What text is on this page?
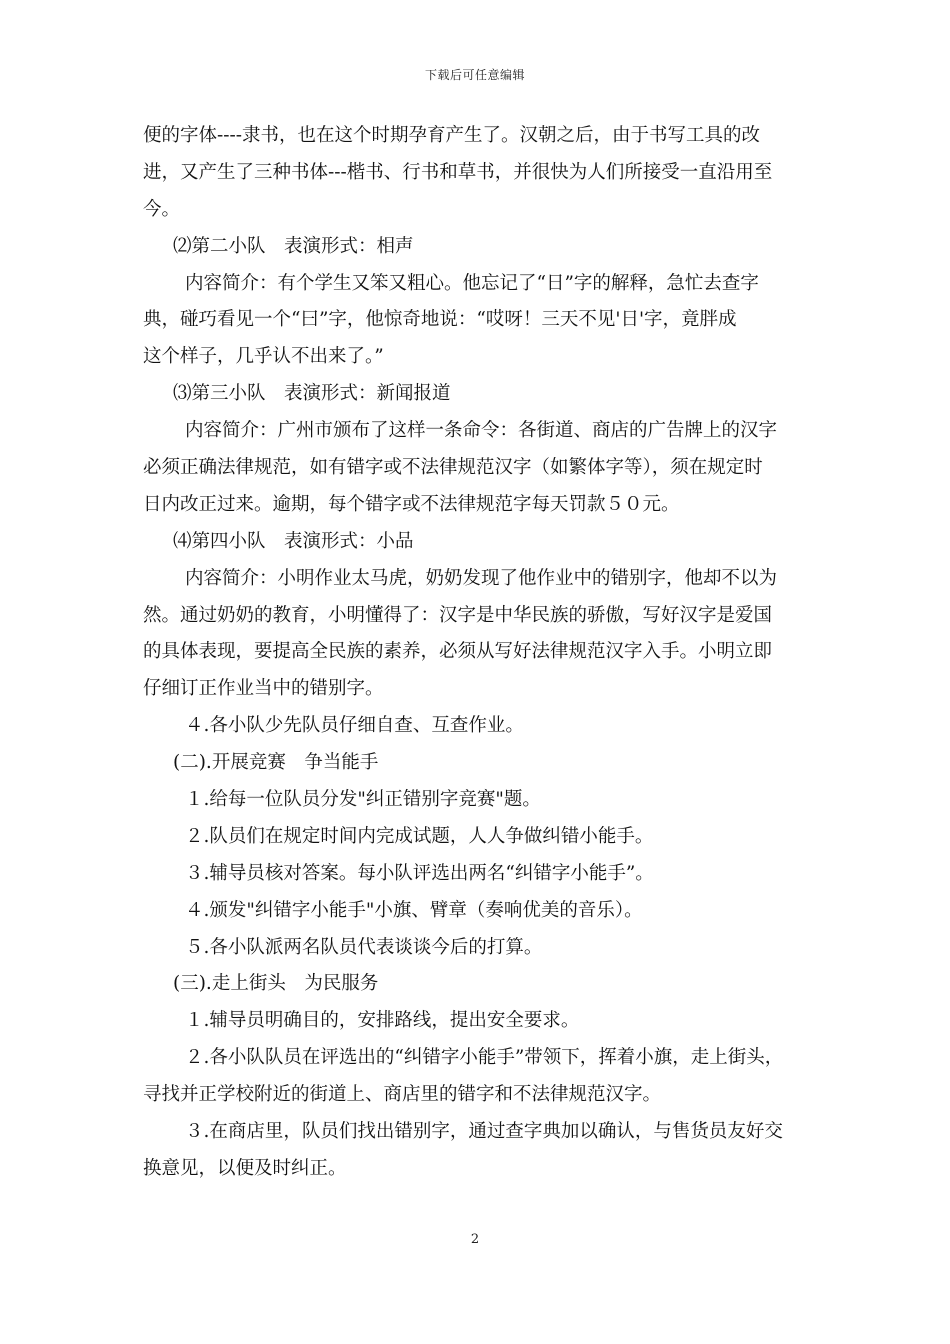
下载后可任意编辑
便的字体----隶书，也在这个时期孕育产生了。汉朝之后，由于书写工具的改
进，又产生了三种书体---楷书、行书和草书，并很快为人们所接受一直沿用至
今。
⑵第二小队　表演形式：相声
内容简介：有个学生又笨又粗心。他忘记了“日”字的解释，急忙去查字
典，碰巧看见一个“曰”字，他惊奇地说：“哎呀！三天不见'日'字，竟胖成
这个样子，几乎认不出来了。”
⑶第三小队　表演形式：新闻报道
内容简介：广州市颁布了这样一条命令：各街道、商店的广告牌上的汉字
必须正确法律规范，如有错字或不法律规范汉字（如繁体字等），须在规定时
日内改正过来。逾期，每个错字或不法律规范字每天罚款５０元。
⑷第四小队　表演形式：小品
内容简介：小明作业太马虎，奶奶发现了他作业中的错别字，他却不以为
然。通过奶奶的教育，小明懂得了：汉字是中华民族的骄傲，写好汉字是爱国
的具体表现，要提高全民族的素养，必须从写好法律规范汉字入手。小明立即
仔细订正作业当中的错别字。
４.各小队少先队员仔细自查、互查作业。
(二).开展竞赛　争当能手
１.给每一位队员分发"纠正错别字竞赛"题。
２.队员们在规定时间内完成试题，人人争做纠错小能手。
３.辅导员核对答案。每小队评选出两名“纠错字小能手”。
４.颁发"纠错字小能手"小旗、臂章（奏响优美的音乐）。
５.各小队派两名队员代表谈谈今后的打算。
(三).走上街头　为民服务
１.辅导员明确目的，安排路线，提出安全要求。
２.各小队队员在评选出的“纠错字小能手”带领下，挥着小旗，走上街头，
寻找并正学校附近的街道上、商店里的错字和不法律规范汉字。
３.在商店里，队员们找出错别字，通过查字典加以确认，与售货员友好交
换意见，以便及时纠正。
2
